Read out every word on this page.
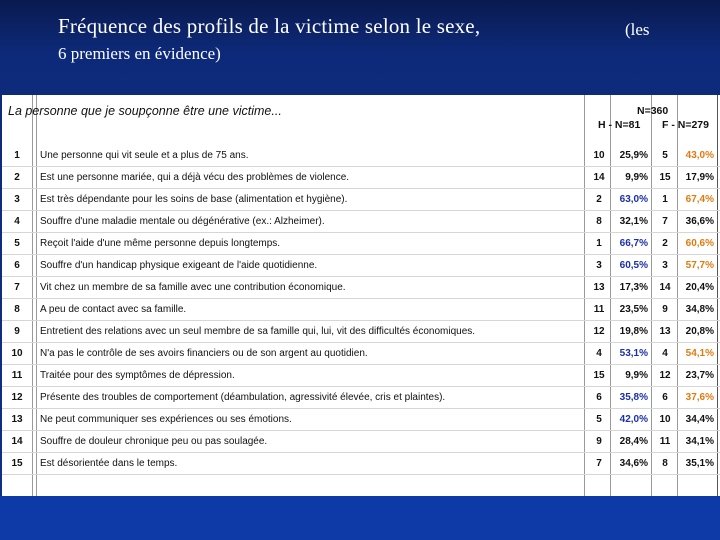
Fréquence des profils de la victime selon le sexe,	(les
6 premiers en évidence)
La personne que je soupçonne être une victime...	N=360
H - N=81 F - N=279
1	Une personne qui vit seule et a plus de 75 ans.	10	25,9%	5	43,0%
2	Est une personne mariée, qui a déjà vécu des problèmes de violence.	14	9,9%	15	17,9%
3	Est très dépendante pour les soins de base (alimentation et hygiène).	2	63,0%	1	67,4%
4	Souffre d'une maladie mentale ou dégénérative (ex.: Alzheimer).	8	32,1%	7	36,6%
5	Reçoit l'aide d'une même personne depuis longtemps.	1	66,7%	2	60,6%
6	Souffre d'un handicap physique exigeant de l'aide quotidienne.	3	60,5%	3	57,7%
7	Vit chez un membre de sa famille avec une contribution économique.	13	17,3%	14	20,4%
8	A peu de contact avec sa famille.	11	23,5%	9	34,8%
9	Entretient des relations avec un seul membre de sa famille qui, lui, vit des difficultés économiques.	12	19,8%	13	20,8%
10	N'a pas le contrôle de ses avoirs financiers ou de son argent au quotidien.	4	53,1%	4	54,1%
11	Traitée pour des symptômes de dépression.	15	9,9%	12	23,7%
12	Présente des troubles de comportement (déambulation, agressivité élevée, cris et plaintes).	6	35,8%	6	37,6%
13	Ne peut communiquer ses expériences ou ses émotions.	5	42,0%	10	34,4%
14	Souffre de douleur chronique peu ou pas soulagée.	9	28,4%	11	34,1%
15	Est désorientée dans le temps.	7	34,6%	8	35,1%
